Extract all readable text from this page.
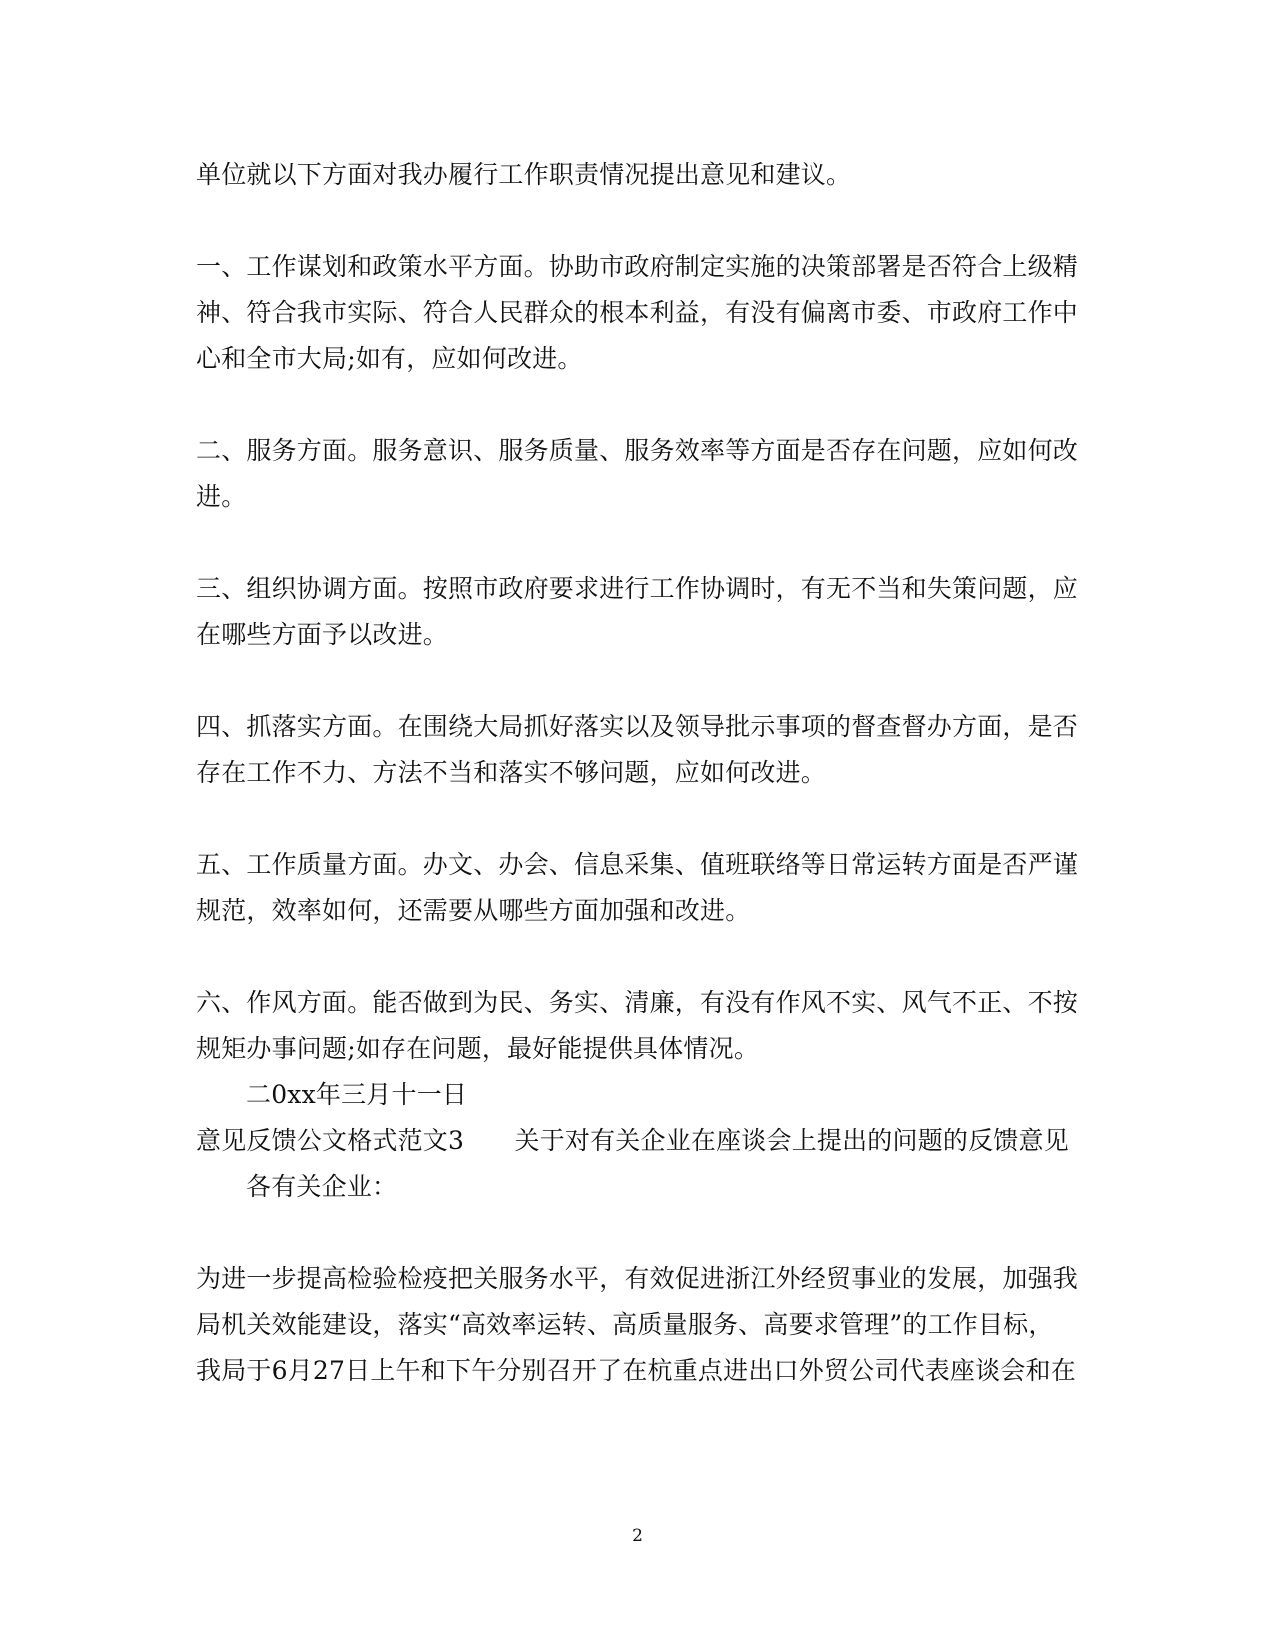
单位就以下方面对我办履行工作职责情况提出意见和建议。
一、工作谋划和政策水平方面。协助市政府制定实施的决策部署是否符合上级精
神、符合我市实际、符合人民群众的根本利益，有没有偏离市委、市政府工作中
心和全市大局;如有，应如何改进。
二、服务方面。服务意识、服务质量、服务效率等方面是否存在问题，应如何改
进。
三、组织协调方面。按照市政府要求进行工作协调时，有无不当和失策问题，应
在哪些方面予以改进。
四、抓落实方面。在围绕大局抓好落实以及领导批示事项的督查督办方面，是否
存在工作不力、方法不当和落实不够问题，应如何改进。
五、工作质量方面。办文、办会、信息采集、值班联络等日常运转方面是否严谨
规范，效率如何，还需要从哪些方面加强和改进。
六、作风方面。能否做到为民、务实、清廉，有没有作风不实、风气不正、不按
规矩办事问题;如存在问题，最好能提供具体情况。
二0xx年三月十一日
意见反馈公文格式范文3　　关于对有关企业在座谈会上提出的问题的反馈意见
各有关企业：
为进一步提高检验检疫把关服务水平，有效促进浙江外经贸事业的发展，加强我
局机关效能建设，落实“高效率运转、高质量服务、高要求管理”的工作目标，
我局于6月27日上午和下午分别召开了在杭重点进出口外贸公司代表座谈会和在
2
